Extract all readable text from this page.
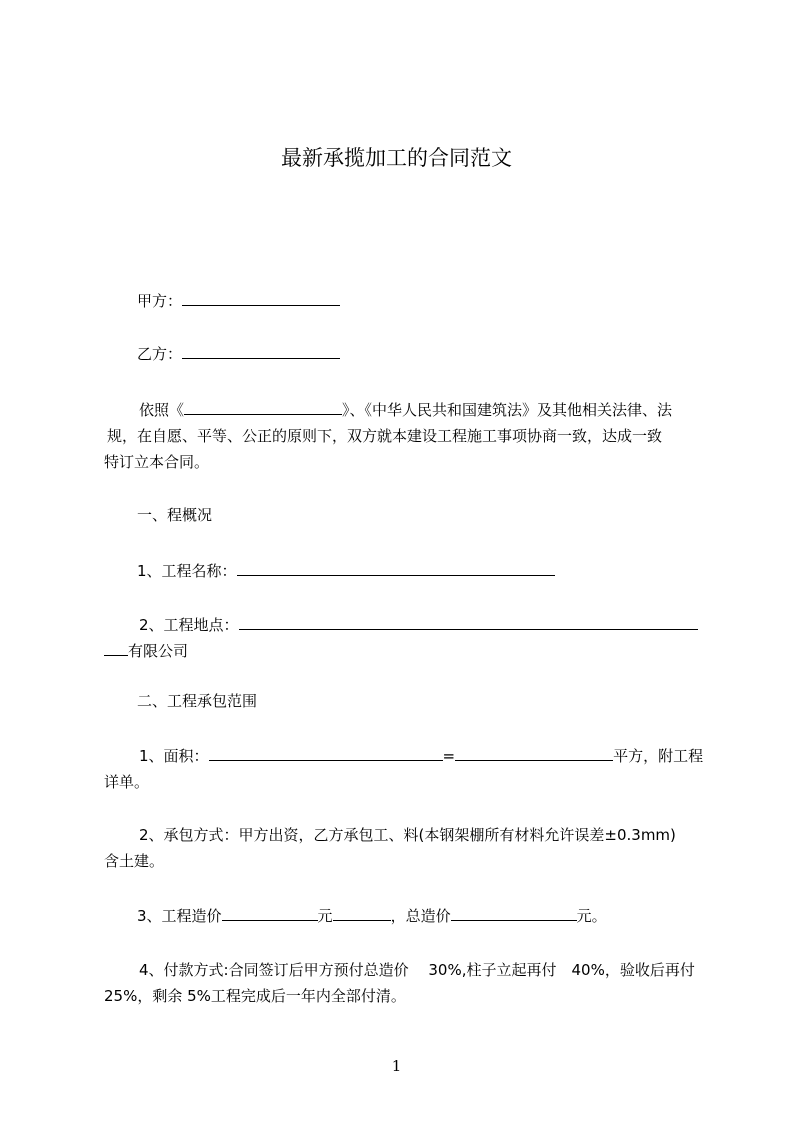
最新承揽加工的合同范文
甲方：
乙方：
依照《	》、《中华人民共和国建筑法》及其他相关法律、法
规，在自愿、平等、公正的原则下，双方就本建设工程施工事项协商一致，达成一致
特订立本合同。
一、程概况
1、工程名称：
2、工程地点：
有限公司
二、工程承包范围
1、面积：	=	平方，附工程
详单。
2、承包方式：甲方出资，乙方承包工、料(本钢架棚所有材料允许误差±0.3mm)
含土建。
3、工程造价	元	，总造价	元。
4、付款方式:合同签订后甲方预付总造价　 30%,柱子立起再付　40%，验收后再付
25%，剩余 5%工程完成后一年内全部付清。
1
